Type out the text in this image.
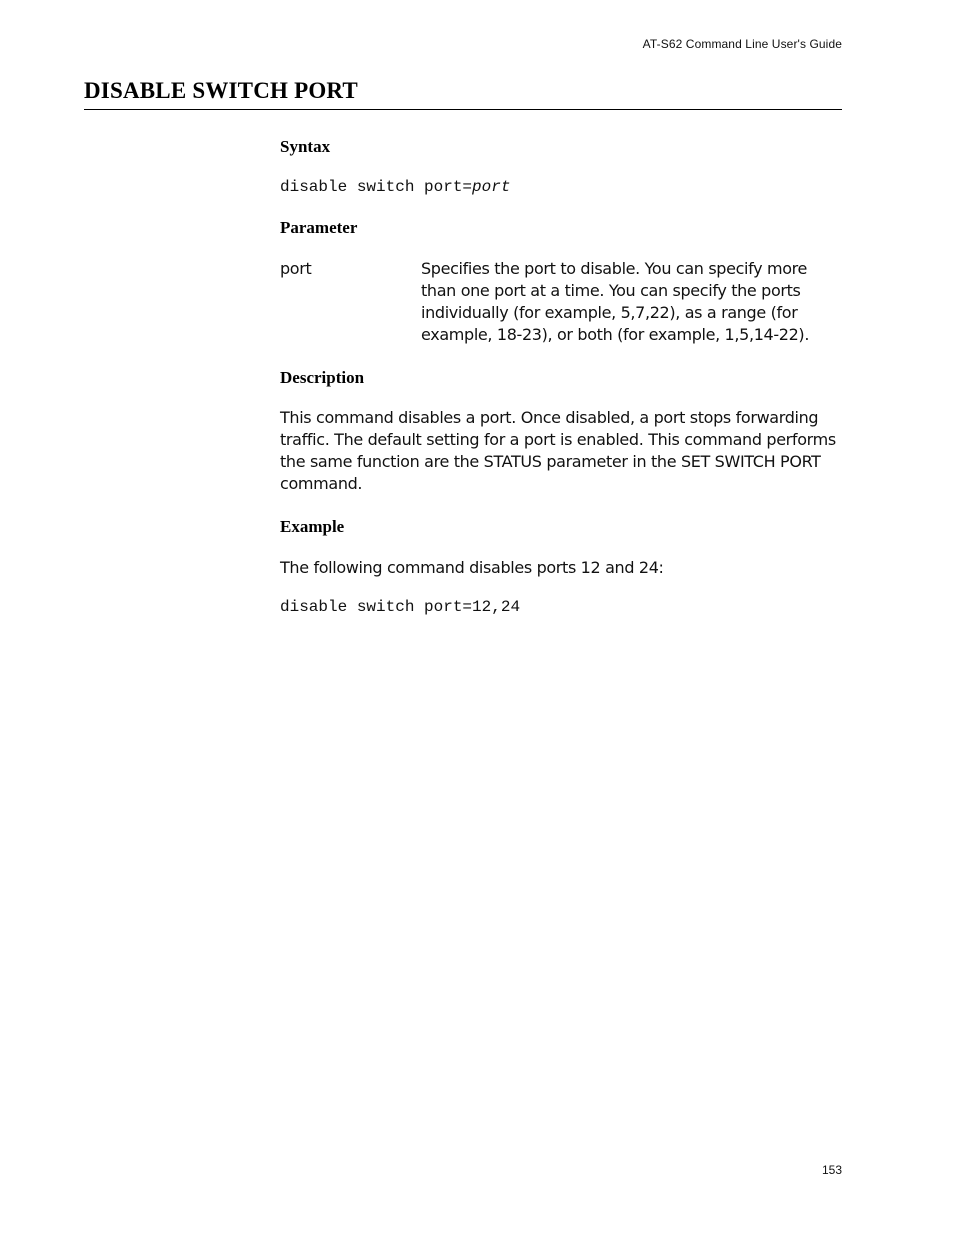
AT-S62 Command Line User's Guide
DISABLE SWITCH PORT
Syntax

disable switch port=port

Parameter
port	Specifies the port to disable. You can specify more than one port at a time. You can specify the ports individually (for example, 5,7,22), as a range (for example, 18-23), or both (for example, 1,5,14-22).

Description

This command disables a port. Once disabled, a port stops forwarding traffic. The default setting for a port is enabled. This command performs the same function are the STATUS parameter in the SET SWITCH PORT command.

Example

The following command disables ports 12 and 24:

disable switch port=12,24

153
